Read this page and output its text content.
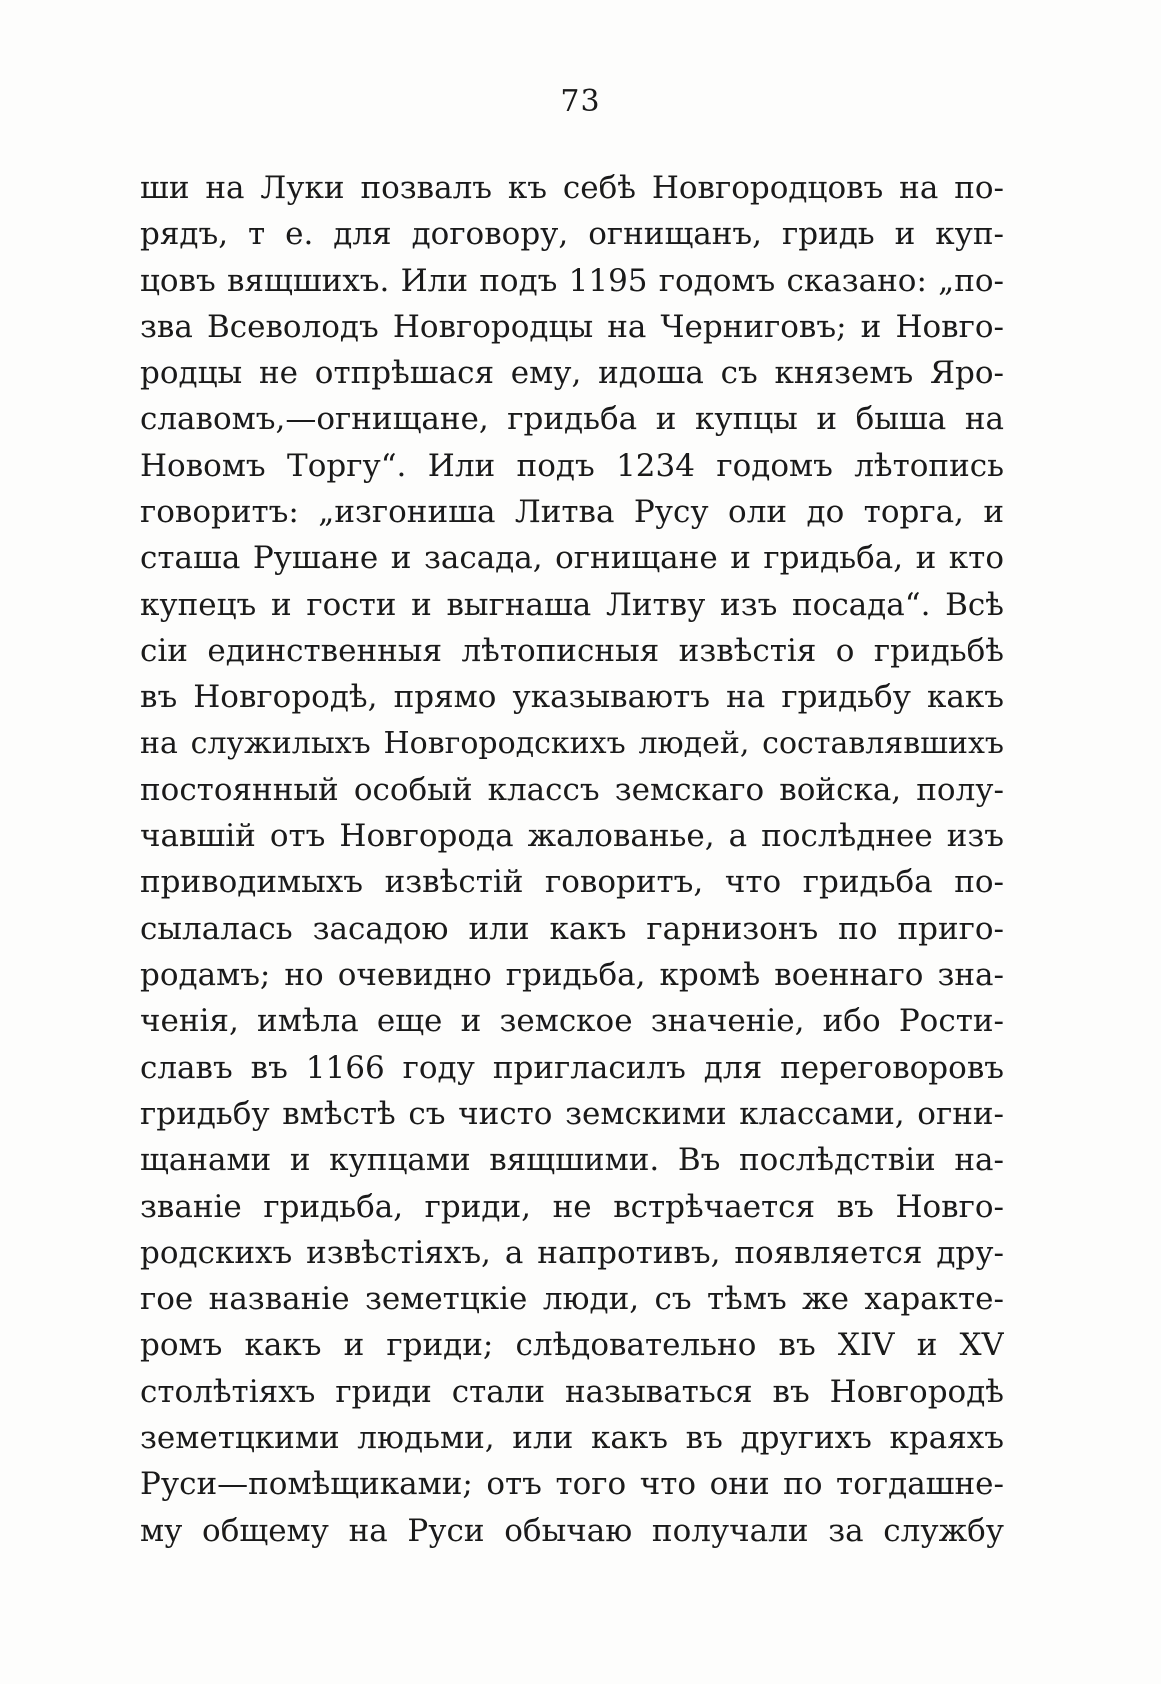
73
ши на Луки позвалъ къ себѣ Новгородцовъ на по-
рядъ, т е. для договору, огнищанъ, гридь и куп-
цовъ вящшихъ. Или подъ 1195 годомъ сказано: „по-
зва Всеволодъ Новгородцы на Черниговъ; и Новго-
родцы не отпрѣшася ему, идоша съ княземъ Яро-
славомъ,—огнищане, гридьба и купцы и быша на
Новомъ Торгу“. Или подъ 1234 годомъ лѣтопись
говоритъ: „изгониша Литва Русу оли до торга, и
сташа Рушане и засада, огнищане и гридьба, и кто
купецъ и гости и выгнаша Литву изъ посада“. Всѣ
сіи единственныя лѣтописныя извѣстія о гридьбѣ
въ Новгородѣ, прямо указываютъ на гридьбу какъ
на служилыхъ Новгородскихъ людей, составлявшихъ
постоянный особый классъ земскаго войска, полу-
чавшій отъ Новгорода жалованье, а послѣднее изъ
приводимыхъ извѣстій говоритъ, что гридьба по-
сылалась засадою или какъ гарнизонъ по приго-
родамъ; но очевидно гридьба, кромѣ военнаго зна-
ченія, имѣла еще и земское значеніе, ибо Рости-
славъ въ 1166 году пригласилъ для переговоровъ
гридьбу вмѣстѣ съ чисто земскими классами, огни-
щанами и купцами вящшими. Въ послѣдствіи на-
званіе гридьба, гриди, не встрѣчается въ Новго-
родскихъ извѣстіяхъ, а напротивъ, появляется дру-
гое названіе земетцкіе люди, съ тѣмъ же характе-
ромъ какъ и гриди; слѣдовательно въ XIV и XV
столѣтіяхъ гриди стали называться въ Новгородѣ
земетцкими людьми, или какъ въ другихъ краяхъ
Руси—помѣщиками; отъ того что они по тогдашне-
му общему на Руси обычаю получали за службу
